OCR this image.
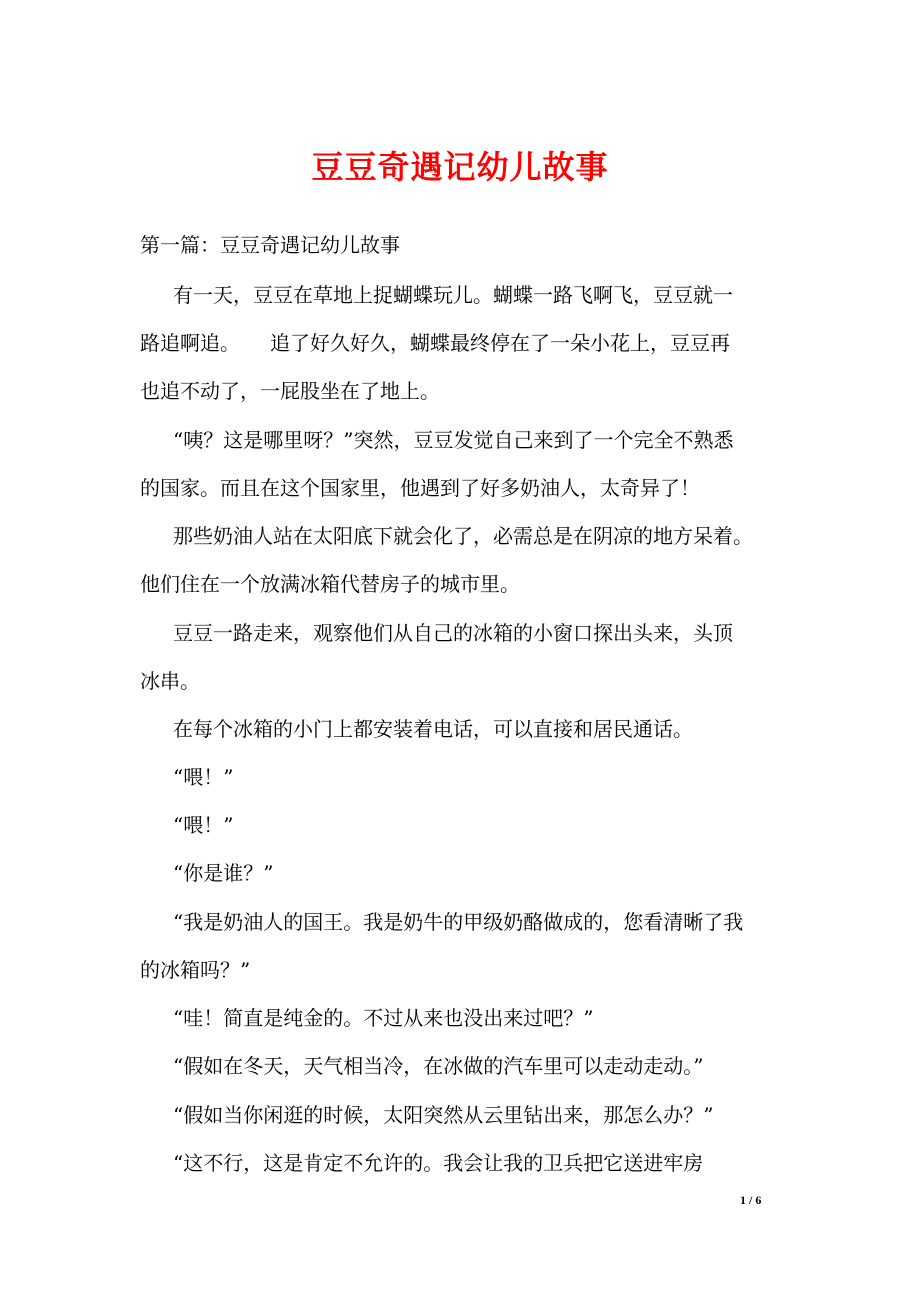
豆豆奇遇记幼儿故事
第一篇：豆豆奇遇记幼儿故事
有一天，豆豆在草地上捉蝴蝶玩儿。蝴蝶一路飞啊飞，豆豆就一
路追啊追。　　追了好久好久，蝴蝶最终停在了一朵小花上，豆豆再
也追不动了，一屁股坐在了地上。
“咦？这是哪里呀？”突然，豆豆发觉自己来到了一个完全不熟悉
的国家。而且在这个国家里，他遇到了好多奶油人，太奇异了！
那些奶油人站在太阳底下就会化了，必需总是在阴凉的地方呆着。
他们住在一个放满冰箱代替房子的城市里。
豆豆一路走来，观察他们从自己的冰箱的小窗口探出头来，头顶
冰串。
在每个冰箱的小门上都安装着电话，可以直接和居民通话。
“喂！”
“喂！”
“你是谁？”
“我是奶油人的国王。我是奶牛的甲级奶酪做成的，您看清晰了我
的冰箱吗？”
“哇！简直是纯金的。不过从来也没出来过吧？”
“假如在冬天，天气相当冷，在冰做的汽车里可以走动走动。”
“假如当你闲逛的时候，太阳突然从云里钻出来，那怎么办？”
“这不行，这是肯定不允许的。我会让我的卫兵把它送进牢房
1 / 6
